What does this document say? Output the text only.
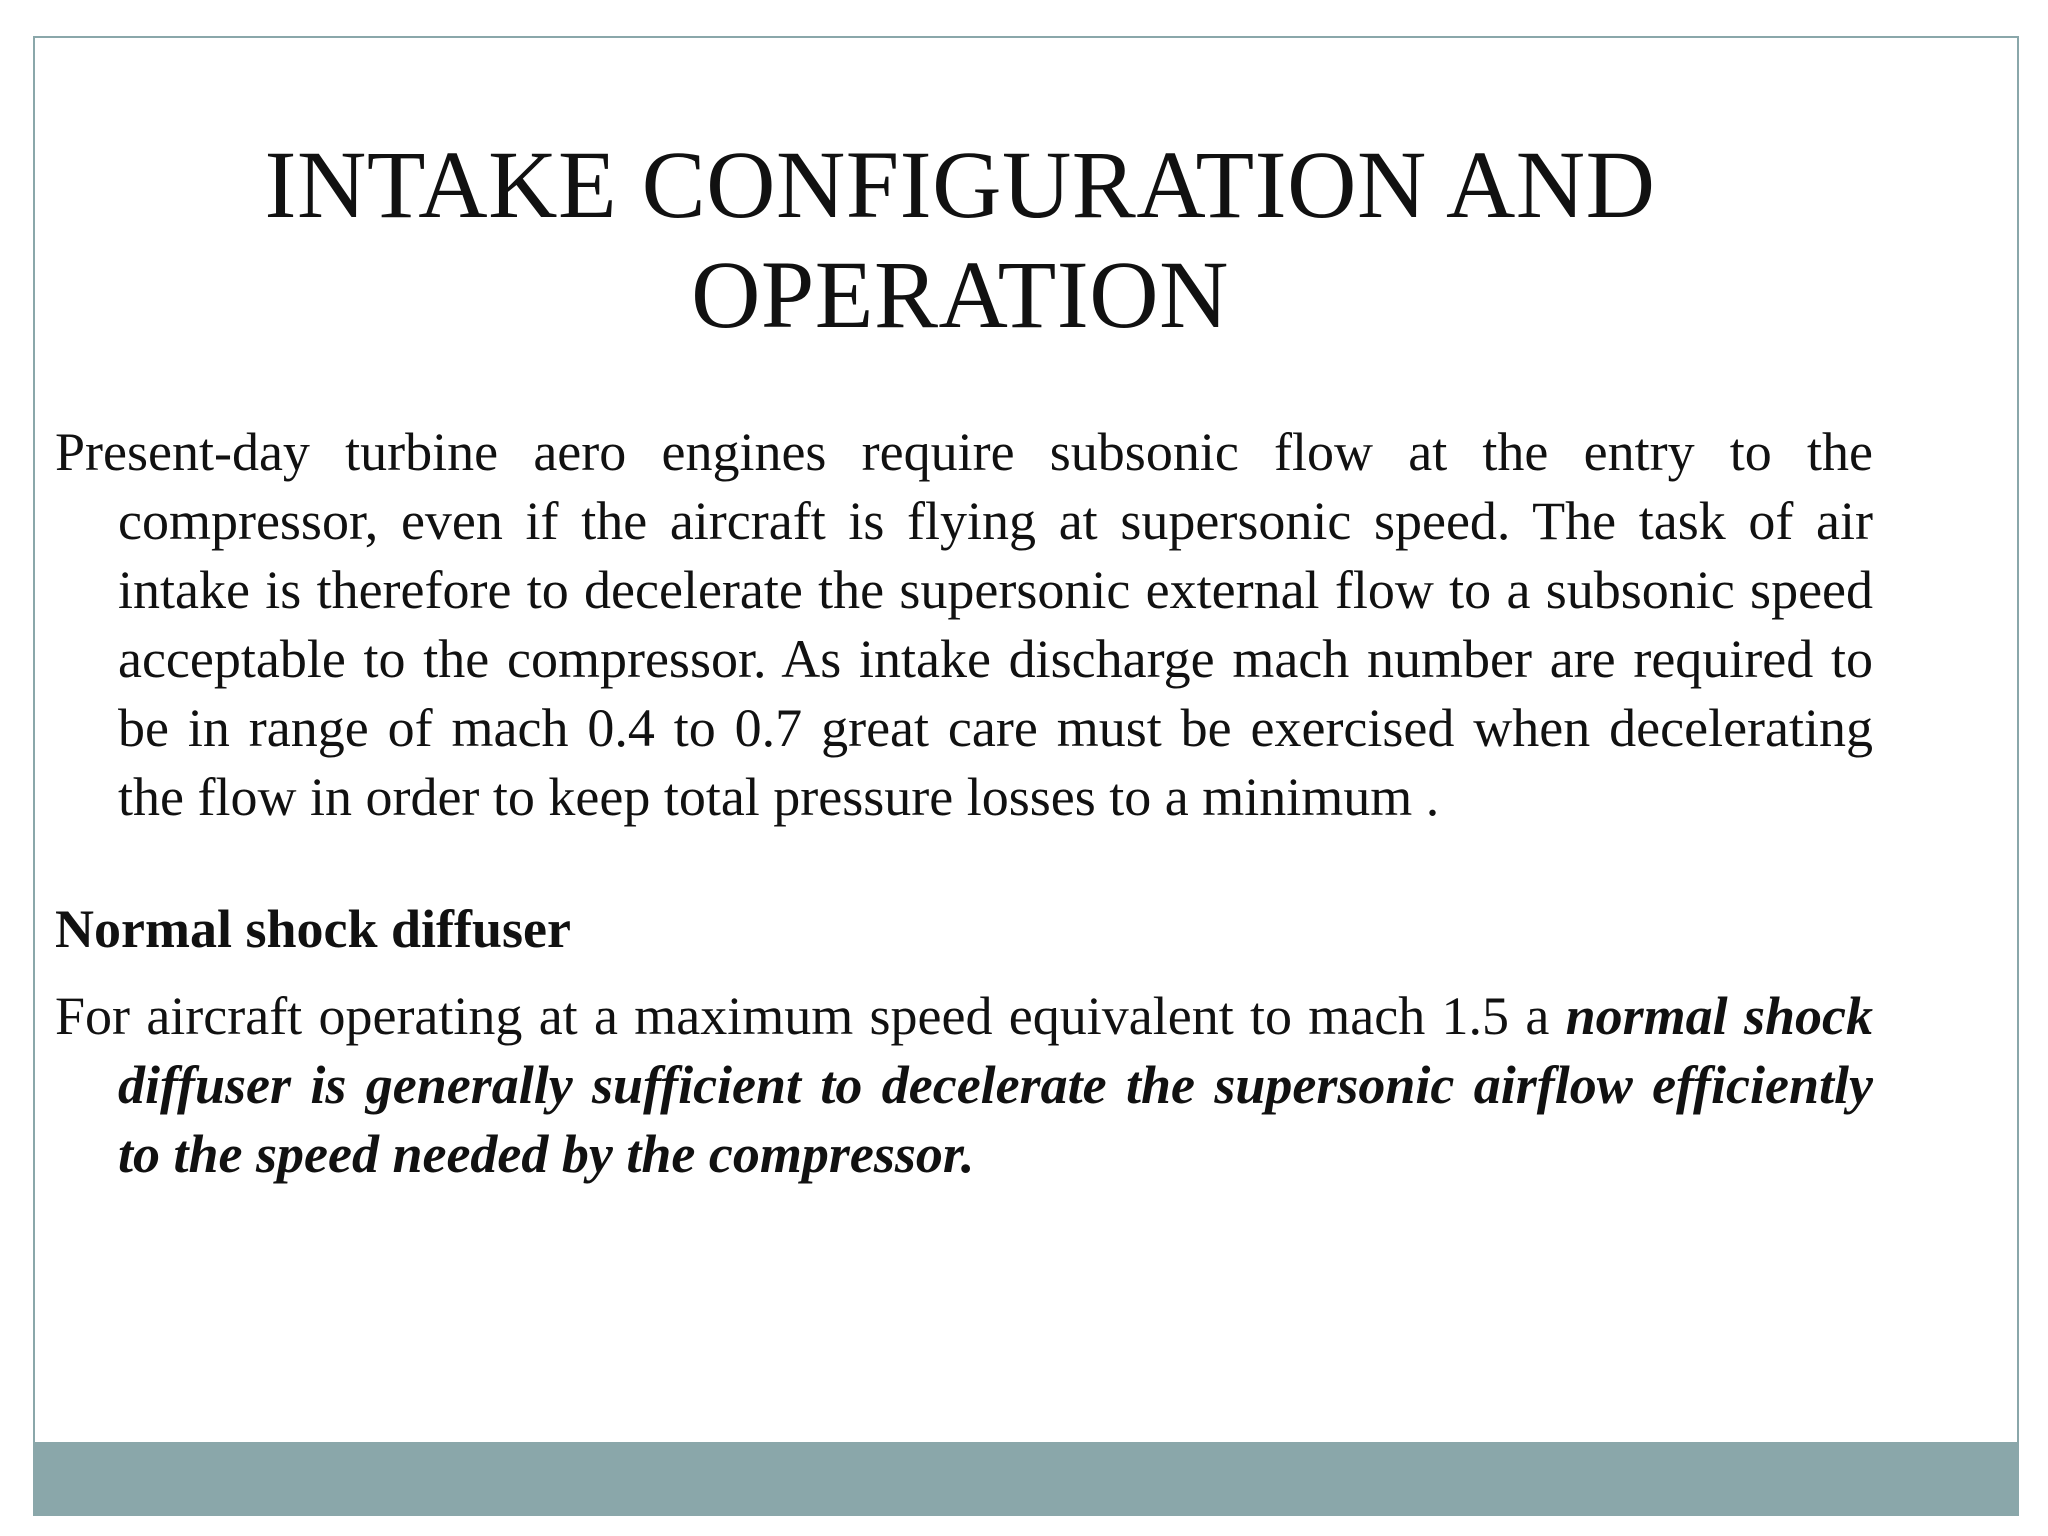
INTAKE CONFIGURATION AND
OPERATION

Present-day turbine aero engines require subsonic flow at the entry to the compressor, even if the aircraft is flying at supersonic speed. The task of air intake is therefore to decelerate the supersonic external flow to a subsonic speed acceptable to the compressor. As intake discharge mach number are required to be in range of mach 0.4 to 0.7 great care must be exercised when decelerating the flow in order to keep total pressure losses to a minimum .

Normal shock diffuser

For aircraft operating at a maximum speed equivalent to mach 1.5 a normal shock diffuser is generally sufficient to decelerate the supersonic airflow efficiently to the speed needed by the compressor.
